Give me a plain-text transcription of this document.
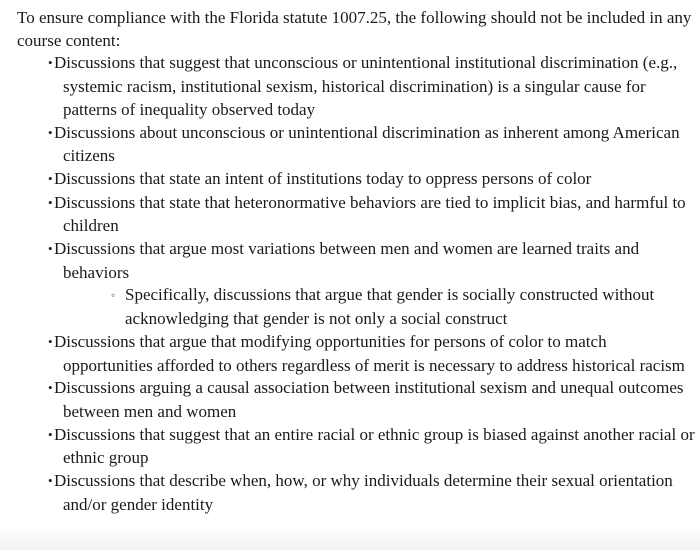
To ensure compliance with the Florida statute 1007.25, the following should not be included in any course content:

•Discussions that suggest that unconscious or unintentional institutional discrimination (e.g., systemic racism, institutional sexism, historical discrimination) is a singular cause for patterns of inequality observed today
•Discussions about unconscious or unintentional discrimination as inherent among American citizens
•Discussions that state an intent of institutions today to oppress persons of color
•Discussions that state that heteronormative behaviors are tied to implicit bias, and harmful to children
•Discussions that argue most variations between men and women are learned traits and behaviors
◦Specifically, discussions that argue that gender is socially constructed without acknowledging that gender is not only a social construct
•Discussions that argue that modifying opportunities for persons of color to match opportunities afforded to others regardless of merit is necessary to address historical racism
•Discussions arguing a causal association between institutional sexism and unequal outcomes between men and women
•Discussions that suggest that an entire racial or ethnic group is biased against another racial or ethnic group
•Discussions that describe when, how, or why individuals determine their sexual orientation and/or gender identity
